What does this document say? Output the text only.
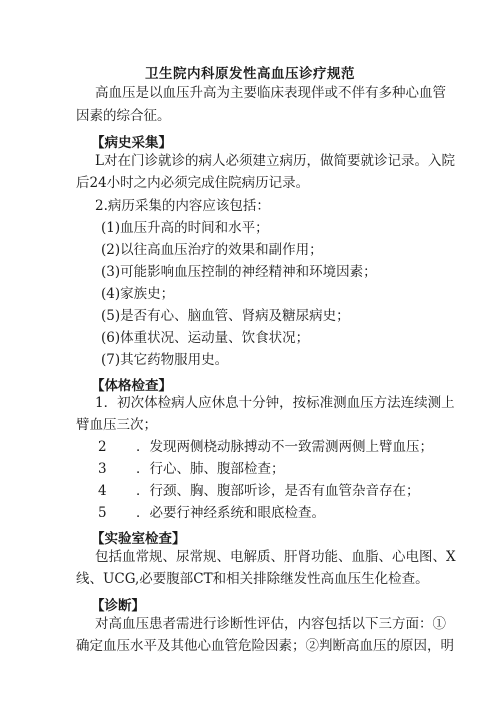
卫生院内科原发性高血压诊疗规范
高血压是以血压升高为主要临床表现伴或不伴有多种心血管
因素的综合征。
【病史采集】
L对在门诊就诊的病人必须建立病历，做简要就诊记录。入院
后24小时之内必须完成住院病历记录。
2.病历采集的内容应该包括：
(1)血压升高的时间和水平；
(2)以往高血压治疗的效果和副作用；
(3)可能影响血压控制的神经精神和环境因素；
(4)家族史；
(5)是否有心、脑血管、肾病及糖尿病史；
(6)体重状况、运动量、饮食状况；
(7)其它药物服用史。
【体格检查】
1．初次体检病人应休息十分钟，按标准测血压方法连续测上
臂血压三次；
2 ．发现两侧桡动脉搏动不一致需测两侧上臂血压；
3 ．行心、肺、腹部检查；
4 ．行颈、胸、腹部听诊，是否有血管杂音存在；
5 ．必要行神经系统和眼底检查。
【实验室检查】
包括血常规、尿常规、电解质、肝肾功能、血脂、心电图、X
线、UCG,必要腹部CT和相关排除继发性高血压生化检查。
【诊断】
对高血压患者需进行诊断性评估，内容包括以下三方面：①
确定血压水平及其他心血管危险因素；②判断高血压的原因，明
